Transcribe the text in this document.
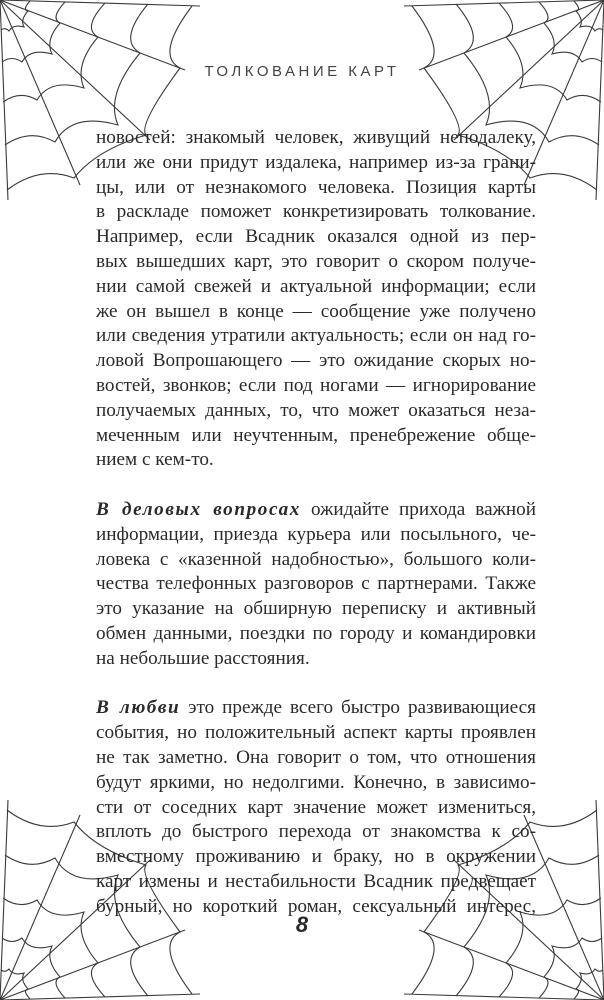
ТОЛКОВАНИЕ КАРТ
новостей: знакомый человек, живущий неподалеку,
или же они придут издалека, например из-за грани-
цы, или от незнакомого человека. Позиция карты
в раскладе поможет конкретизировать толкование.
Например, если Всадник оказался одной из пер-
вых вышедших карт, это говорит о скором получе-
нии самой свежей и актуальной информации; если
же он вышел в конце — сообщение уже получено
или сведения утратили актуальность; если он над го-
ловой Вопрошающего — это ожидание скорых но-
востей, звонков; если под ногами — игнорирование
получаемых данных, то, что может оказаться неза-
меченным или неучтенным, пренебрежение обще-
нием с кем-то.
В деловых вопросах ожидайте прихода важной
информации, приезда курьера или посыльного, че-
ловека с «казенной надобностью», большого коли-
чества телефонных разговоров с партнерами. Также
это указание на обширную переписку и активный
обмен данными, поездки по городу и командировки
на небольшие расстояния.
В любви это прежде всего быстро развивающиеся
события, но положительный аспект карты проявлен
не так заметно. Она говорит о том, что отношения
будут яркими, но недолгими. Конечно, в зависимо-
сти от соседних карт значение может измениться,
вплоть до быстрого перехода от знакомства к со-
вместному проживанию и браку, но в окружении
карт измены и нестабильности Всадник предвещает
бурный, но короткий роман, сексуальный интерес,
8
